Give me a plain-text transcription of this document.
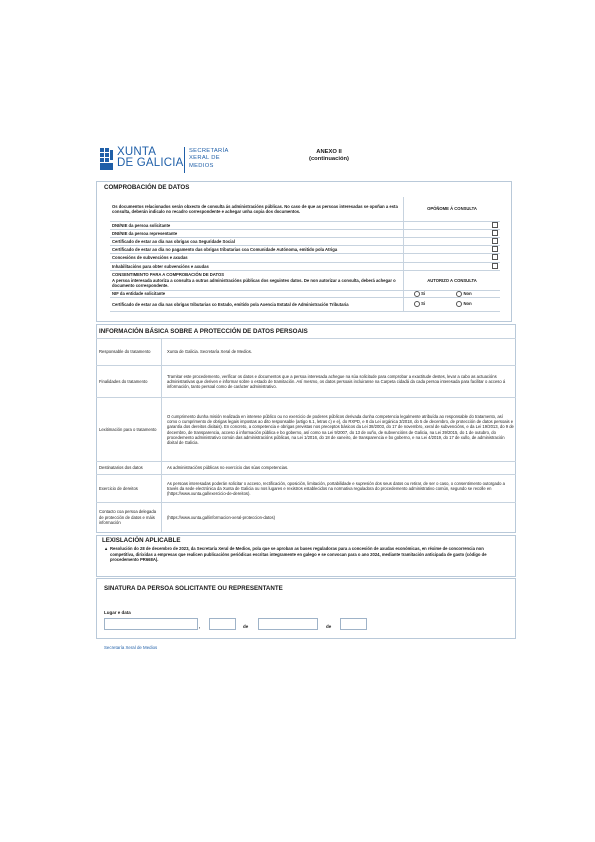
XUNTA
DE GALICIA
SECRETARÍA
XERAL DE
MEDIOS
ANEXO II
(continuación)
COMPROBACIÓN DE DATOS
Os documentos relacionados serán obxecto de consulta ás administracións públicas. No caso de que as persoas interesadas se opoñan a esta consulta, deberán indicalo no recadro correspondente e achegar unha copia dos documentos.	OPÓÑOME Á CONSULTA
DNI/NIE da persoa solicitante	
DNI/NIE da persoa representante	
Certificado de estar ao día nas obrigas coa Seguridade Social	
Certificado de estar ao día no pagamento das obrigas tributarias coa Comunidade Autónoma, emitido pola Atriga	
Concesións de subvencións e axudas	
Inhabilitacións para obter subvencións e axudas	

CONSENTIMENTO PARA A COMPROBACIÓN DE DATOS
A persoa interesada autoriza a consulta a outras administracións públicas dos seguintes datos. De non autorizar a consulta, deberá achegar o documento correspondente.	AUTORIZO A CONSULTA
NIF da entidade solicitante	Si Non
Certificado de estar ao día nas obrigas tributarias co Estado, emitido pola Axencia Estatal de Administración Tributaria	Si Non
INFORMACIÓN BÁSICA SOBRE A PROTECCIÓN DE DATOS PERSOAIS
Responsable do tratamento	Xunta de Galicia. Secretaría Xeral de Medios.
Finalidades do tratamento	Tramitar este procedemento, verificar os datos e documentos que a persoa interesada achegue na súa solicitude para comprobar a exactitude destes, levar a cabo as actuacións administrativas que deriven e informar sobre o estado de tramitación. Así mesmo, os datos persoais incluiranse na Carpeta cidadá da cada persoa interesada para facilitar o acceso á información, tanto persoal como de carácter administrativo.
Lexitimación para o tratamento	O cumprimento dunha misión realizada en interese público ou no exercicio de poderes públicos derivada dunha competencia legalmente atribuída ao responsable do tratamento, así como o cumprimento de obrigas legais impostas ao dito responsable (artigo 6.1, letras c) e e), do RXPD, e 8 da Lei orgánica 3/2018, do 5 de decembro, de protección de datos persoais e garantía dos dereitos dixitais). En concreto, a competencia e obrigas previstas nos preceptos básicos da Lei 38/2003, do 17 de novembro, xeral de subvencións, e da Lei 19/2013, do 9 de decembro, de transparencia, acceso á información pública e bo goberno, así como na Lei 9/2007, do 13 de xuño, de subvencións de Galicia, na Lei 39/2015, do 1 de outubro, do procedemento administrativo común das administracións públicas, na Lei 1/2016, do 18 de xaneiro, de transparencia e bo goberno, e na Lei 4/2019, do 17 de xullo, de administración dixital de Galicia.
Destinatarios dos datos	As administracións públicas no exercicio das súas competencias.
Exercicio de dereitos	As persoas interesadas poderán solicitar o acceso, rectificación, oposición, limitación, portabilidade e supresión dos seus datos ou retirar, de ser o caso, o consentimento outorgado a través da sede electrónica da Xunta de Galicia ou nos lugares e rexistros establecidos na normativa reguladora do procedemento administrativo común, segundo se recolle en (https://www.xunta.gal/exercicio-de-dereitos).
Contacto coa persoa delegada de protección de datos e máis información	(https://www.xunta.gal/informacion-xeral-proteccion-datos)
LEXISLACIÓN APLICABLE
▲ Resolución do 28 de decembro de 2023, da Secretaría Xeral de Medios, pola que se aproban as bases reguladoras para a concesión de axudas económicas, en réxime de concorrencia non competitiva, dirixidas a empresas que realicen publicacións periódicas escritas integramente en galego e se convocan para o ano 2024, mediante tramitación anticipada de gasto (código de procedemento PR668A).
SINATURA DA PERSOA SOLICITANTE OU REPRESENTANTE
Lugar e data
,	de	de
Secretaría Xeral de Medios
